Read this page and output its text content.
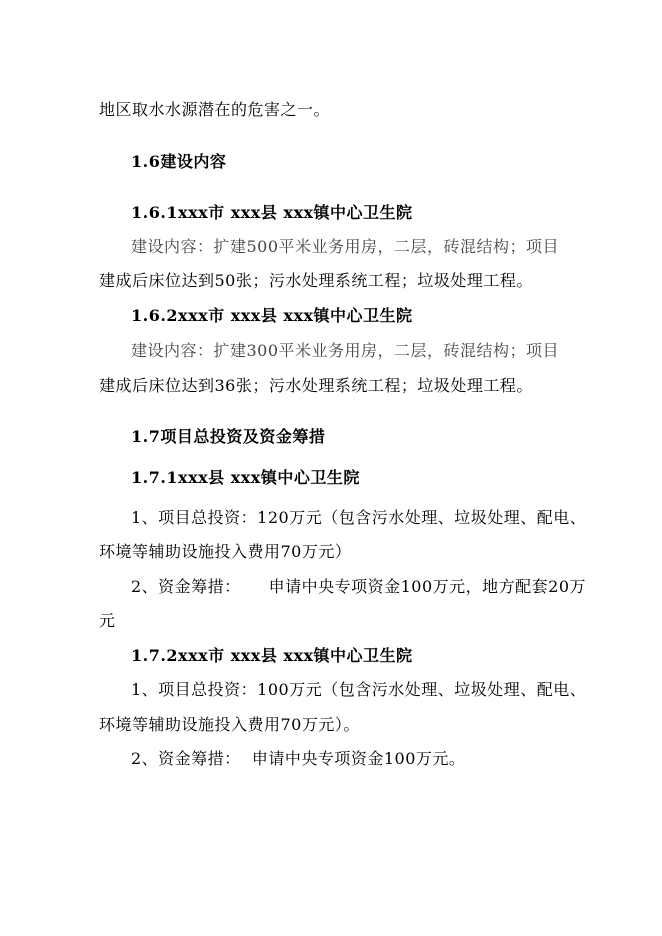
地区取水水源潜在的危害之一。
1.6建设内容
1.6.1xxx市 xxx县 xxx镇中心卫生院
建设内容：扩建500平米业务用房，二层，砖混结构；项目
建成后床位达到50张；污水处理系统工程；垃圾处理工程。
1.6.2xxx市 xxx县 xxx镇中心卫生院
建设内容：扩建300平米业务用房，二层，砖混结构；项目
建成后床位达到36张；污水处理系统工程；垃圾处理工程。
1.7项目总投资及资金筹措
1.7.1xxx县 xxx镇中心卫生院
1、项目总投资：120万元（包含污水处理、垃圾处理、配电、
环境等辅助设施投入费用70万元）
2、资金筹措：     申请中央专项资金100万元，地方配套20万
元
1.7.2xxx市 xxx县 xxx镇中心卫生院
1、项目总投资：100万元（包含污水处理、垃圾处理、配电、
环境等辅助设施投入费用70万元）。
2、资金筹措：  申请中央专项资金100万元。
